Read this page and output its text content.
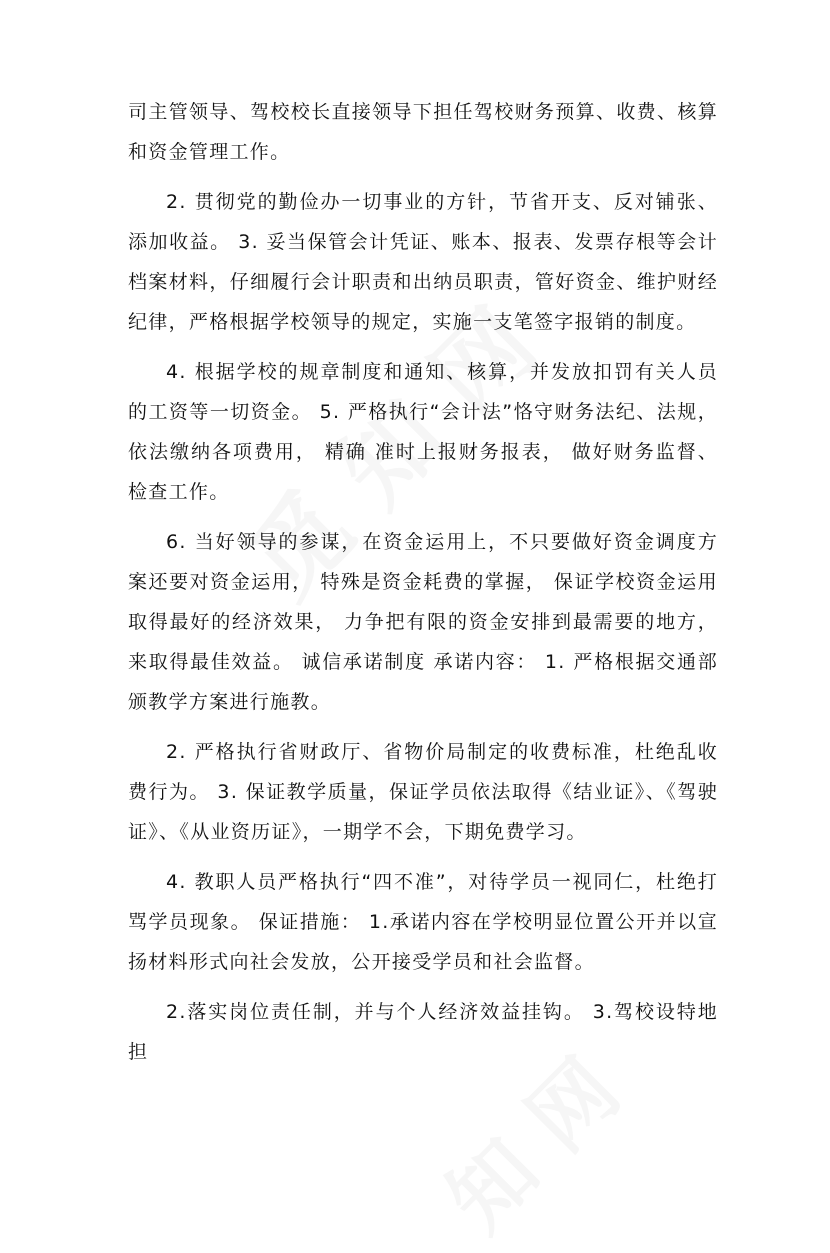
司主管领导、驾校校长直接领导下担任驾校财务预算、收费、核算和资金管理工作。

2. 贯彻党的勤俭办一切事业的方针，节省开支、反对铺张、添加收益。 3. 妥当保管会计凭证、账本、报表、发票存根等会计档案材料，仔细履行会计职责和出纳员职责，管好资金、维护财经纪律，严格根据学校领导的规定，实施一支笔签字报销的制度。

4. 根据学校的规章制度和通知、核算，并发放扣罚有关人员的工资等一切资金。 5. 严格执行“会计法”恪守财务法纪、法规，依法缴纳各项费用， 精确 准时上报财务报表， 做好财务监督、检查工作。

6. 当好领导的参谋，在资金运用上，不只要做好资金调度方案还要对资金运用， 特殊是资金耗费的掌握， 保证学校资金运用取得最好的经济效果， 力争把有限的资金安排到最需要的地方， 来取得最佳效益。 诚信承诺制度 承诺内容： 1. 严格根据交通部颁教学方案进行施教。

2. 严格执行省财政厅、省物价局制定的收费标准，杜绝乱收费行为。 3. 保证教学质量，保证学员依法取得《结业证》、《驾驶证》、《从业资历证》，一期学不会，下期免费学习。

4. 教职人员严格执行“四不准”，对待学员一视同仁，杜绝打骂学员现象。 保证措施： 1.承诺内容在学校明显位置公开并以宣扬材料形式向社会发放，公开接受学员和社会监督。

2.落实岗位责任制，并与个人经济效益挂钩。 3.驾校设特地担
